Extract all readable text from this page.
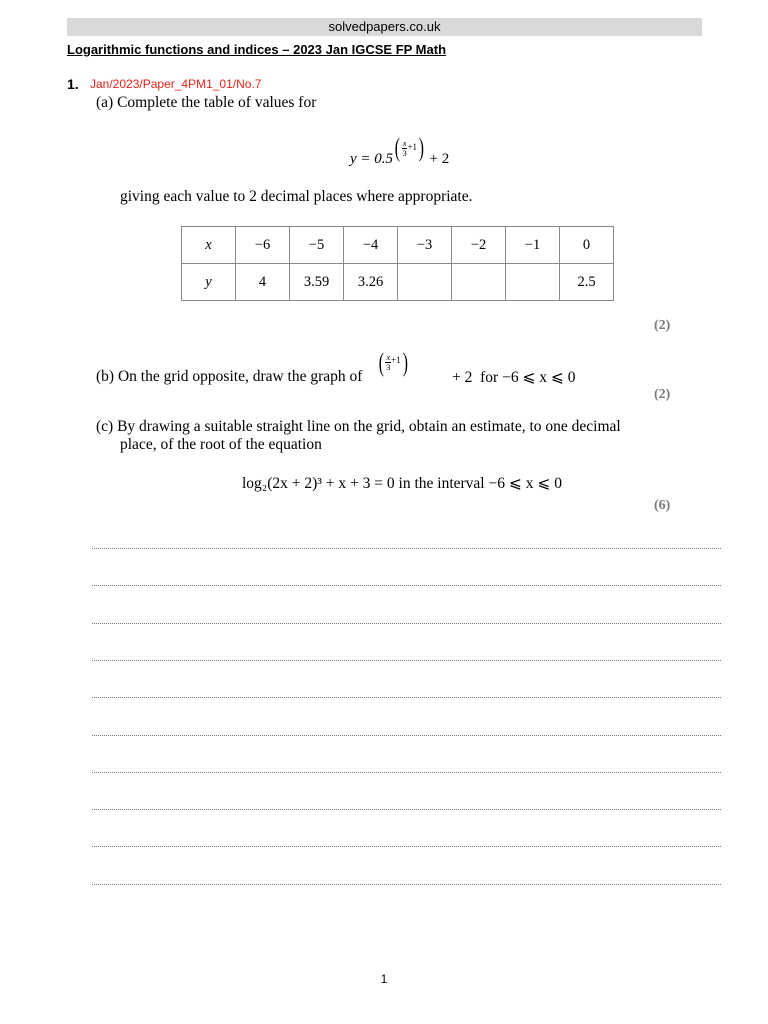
solvedpapers.co.uk
Logarithmic functions and indices – 2023 Jan IGCSE FP Math
1. Jan/2023/Paper_4PM1_01/No.7
(a) Complete the table of values for
$y = 0.5( \frac{x}{3} ^{+1}) + 2$
giving each value to 2 decimal places where appropriate.
x	−6	−5	−4	−3	−2	−1	0
y	4	3.59	3.26				2.5
(2)
(b) On the grid opposite, draw the graph of ( $\frac{x}{3} ^{+1}$)
+ 2 for −6 ⩽ x ⩽ 0
(2)
(c) By drawing a suitable straight line on the grid, obtain an estimate, to one decimal
place, of the root of the equation
log₂(2x + 2)³ + x + 3 = 0 in the interval −6 ⩽ x ⩽ 0
(6)
1
